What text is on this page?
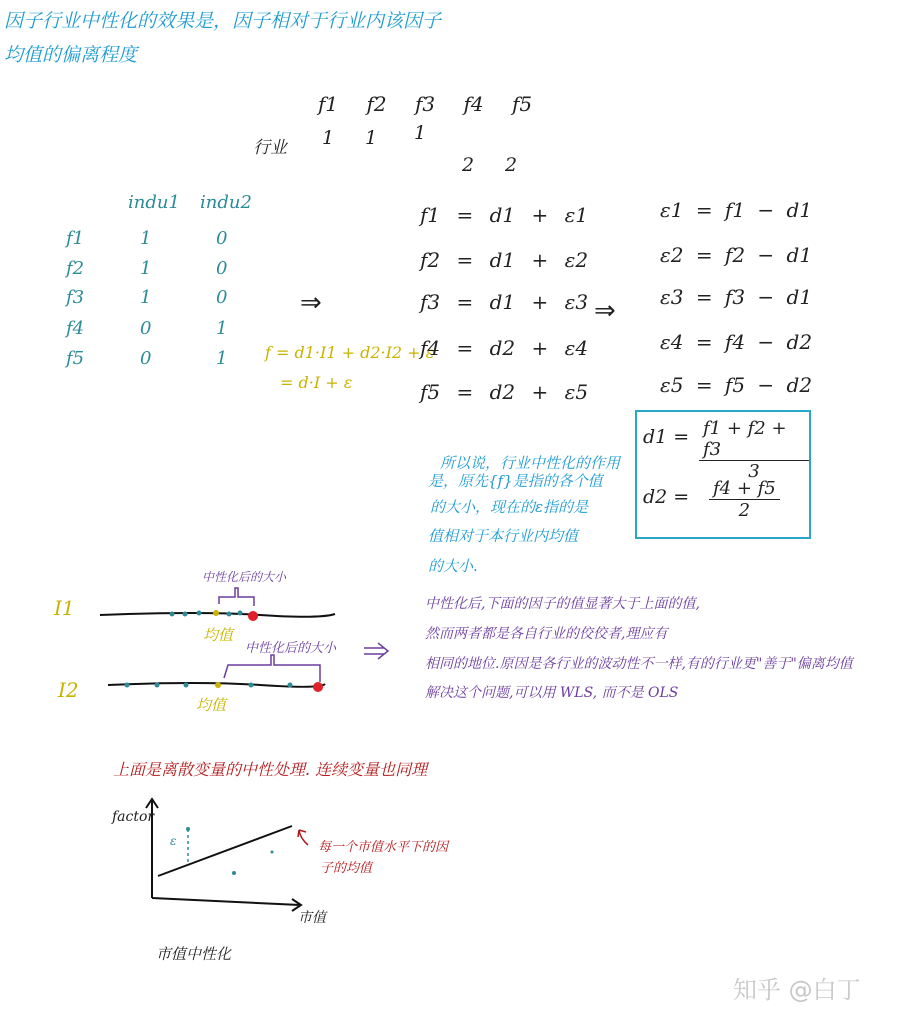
因子行业中性化的效果是，因子相对于行业内该因子
均值的偏离程度
f1 f2 f3 f4 f5
行业 1 1 1
2 2
indu1 indu2
f1	1	0
f2	1	0
f3	1	0
f4	0	1
f5	0	1
⇒
f = d1·I1 + d2·I2 + ε
= d·I + ε
f1 = d1 + ε1
f2 = d1 + ε2
f3 = d1 + ε3
f4 = d2 + ε4
f5 = d2 + ε5
⇒
ε1 = f1 − d1
ε2 = f2 − d1
ε3 = f3 − d1
ε4 = f4 − d2
ε5 = f5 − d2
$d1 = \frac{f1 + f2 + f3}{3}$
$d2 = \frac{f4 + f5}{2}$
所以说，行业中性化的作用
是，原先{f}是指的各个值
的大小，现在的ε指的是
值相对于本行业内均值
的大小.
I1
I2
中性化后的大小
中性化后的大小
均值
均值
中性化后,下面的因子的值显著大于上面的值,
然而两者都是各自行业的佼佼者,理应有
相同的地位.原因是各行业的波动性不一样,有的行业更"善于"偏离均值
解决这个问题,可以用 WLS, 而不是 OLS
上面是离散变量的中性处理. 连续变量也同理
factor
市值
ε	每一个市值水平下的因
子的均值
市值中性化
知乎 @白丁
